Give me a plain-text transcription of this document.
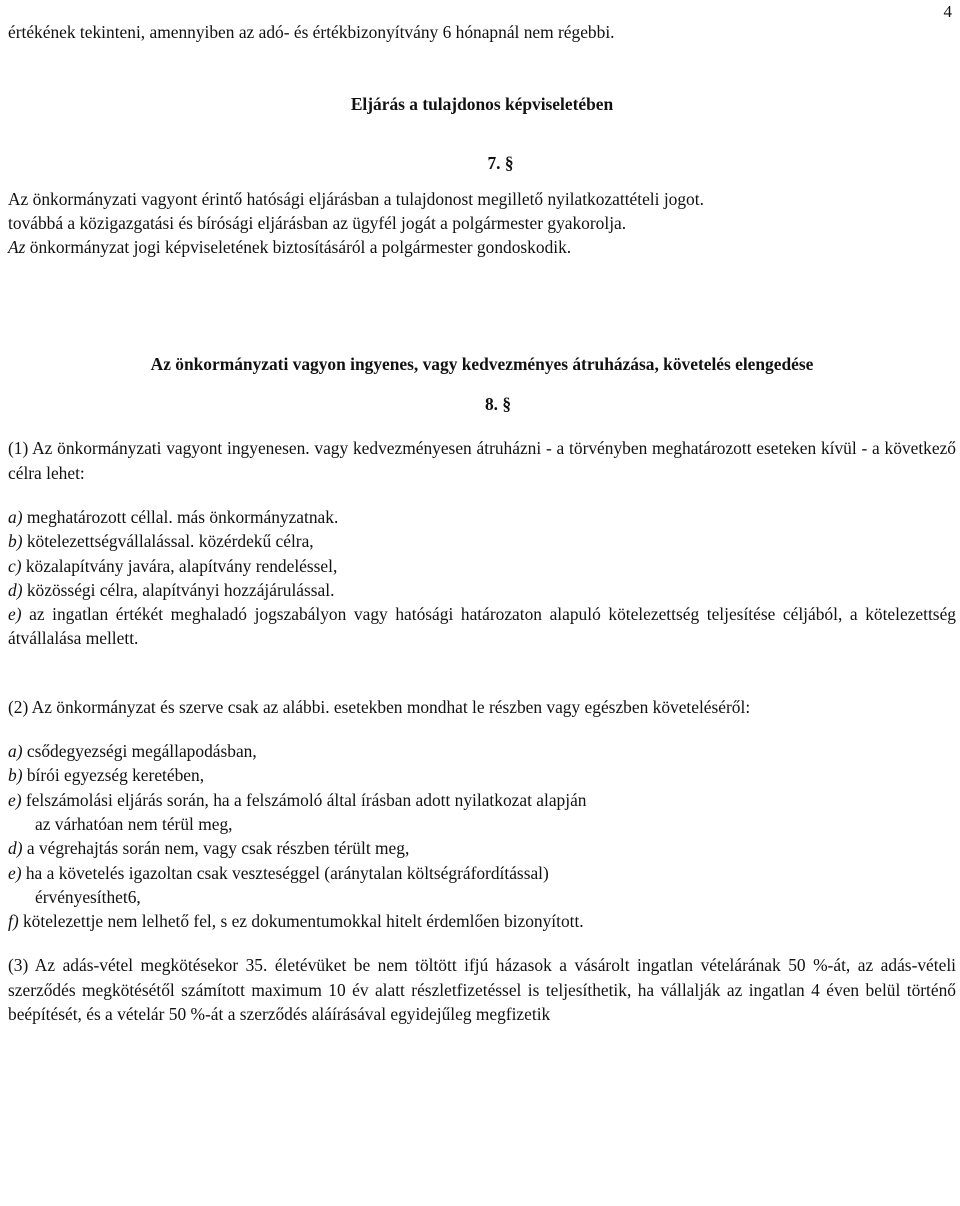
4

értékének tekinteni, amennyiben az adó- és értékbizonyítvány 6 hónapnál nem régebbi.

Eljárás a tulajdonos képviseletében

7. §

Az önkormányzati vagyont érintő hatósági eljárásban a tulajdonost megillető nyilatkozattételi jogot.

továbbá a közigazgatási és bírósági eljárásban az ügyfél jogát a polgármester gyakorolja.

Az önkormányzat jogi képviseletének biztosításáról a polgármester gondoskodik.

Az önkormányzati vagyon ingyenes, vagy kedvezményes átruházása, követelés elengedése

8. §

(1) Az önkormányzati vagyont ingyenesen. vagy kedvezményesen átruházni - a törvényben meghatározott eseteken kívül - a következő célra lehet:

a) meghatározott céllal. más önkormányzatnak.

b) kötelezettségvállalással. közérdekű célra,

c) közalapítvány javára, alapítvány rendeléssel,

d) közösségi célra, alapítványi hozzájárulással.

e) az ingatlan értékét meghaladó jogszabályon vagy hatósági határozaton alapuló kötelezettség teljesítése céljából, a kötelezettség átvállalása mellett.

(2) Az önkormányzat és szerve csak az alábbi. esetekben mondhat le részben vagy egészben követeléséről:

a) csődegyezségi megállapodásban,

b) bírói egyezség keretében,

e) felszámolási eljárás során, ha a felszámoló által írásban adott nyilatkozat alapján

az várhatóan nem térül meg,

d) a végrehajtás során nem, vagy csak részben térült meg,

e) ha a követelés igazoltan csak veszteséggel (aránytalan költségráfordítással)

érvényesíthet6,

f) kötelezettje nem lelhető fel, s ez dokumentumokkal hitelt érdemlően bizonyított.

(3) Az adás-vétel megkötésekor 35. életévüket be nem töltött ifjú házasok a vásárolt ingatlan vételárának 50 %-át, az adás-vételi szerződés megkötésétől számított maximum 10 év alatt részletfizetéssel is teljesíthetik, ha vállalják az ingatlan 4 éven belül történő beépítését, és a vételár 50 %-át a szerződés aláírásával egyidejűleg megfizetik
